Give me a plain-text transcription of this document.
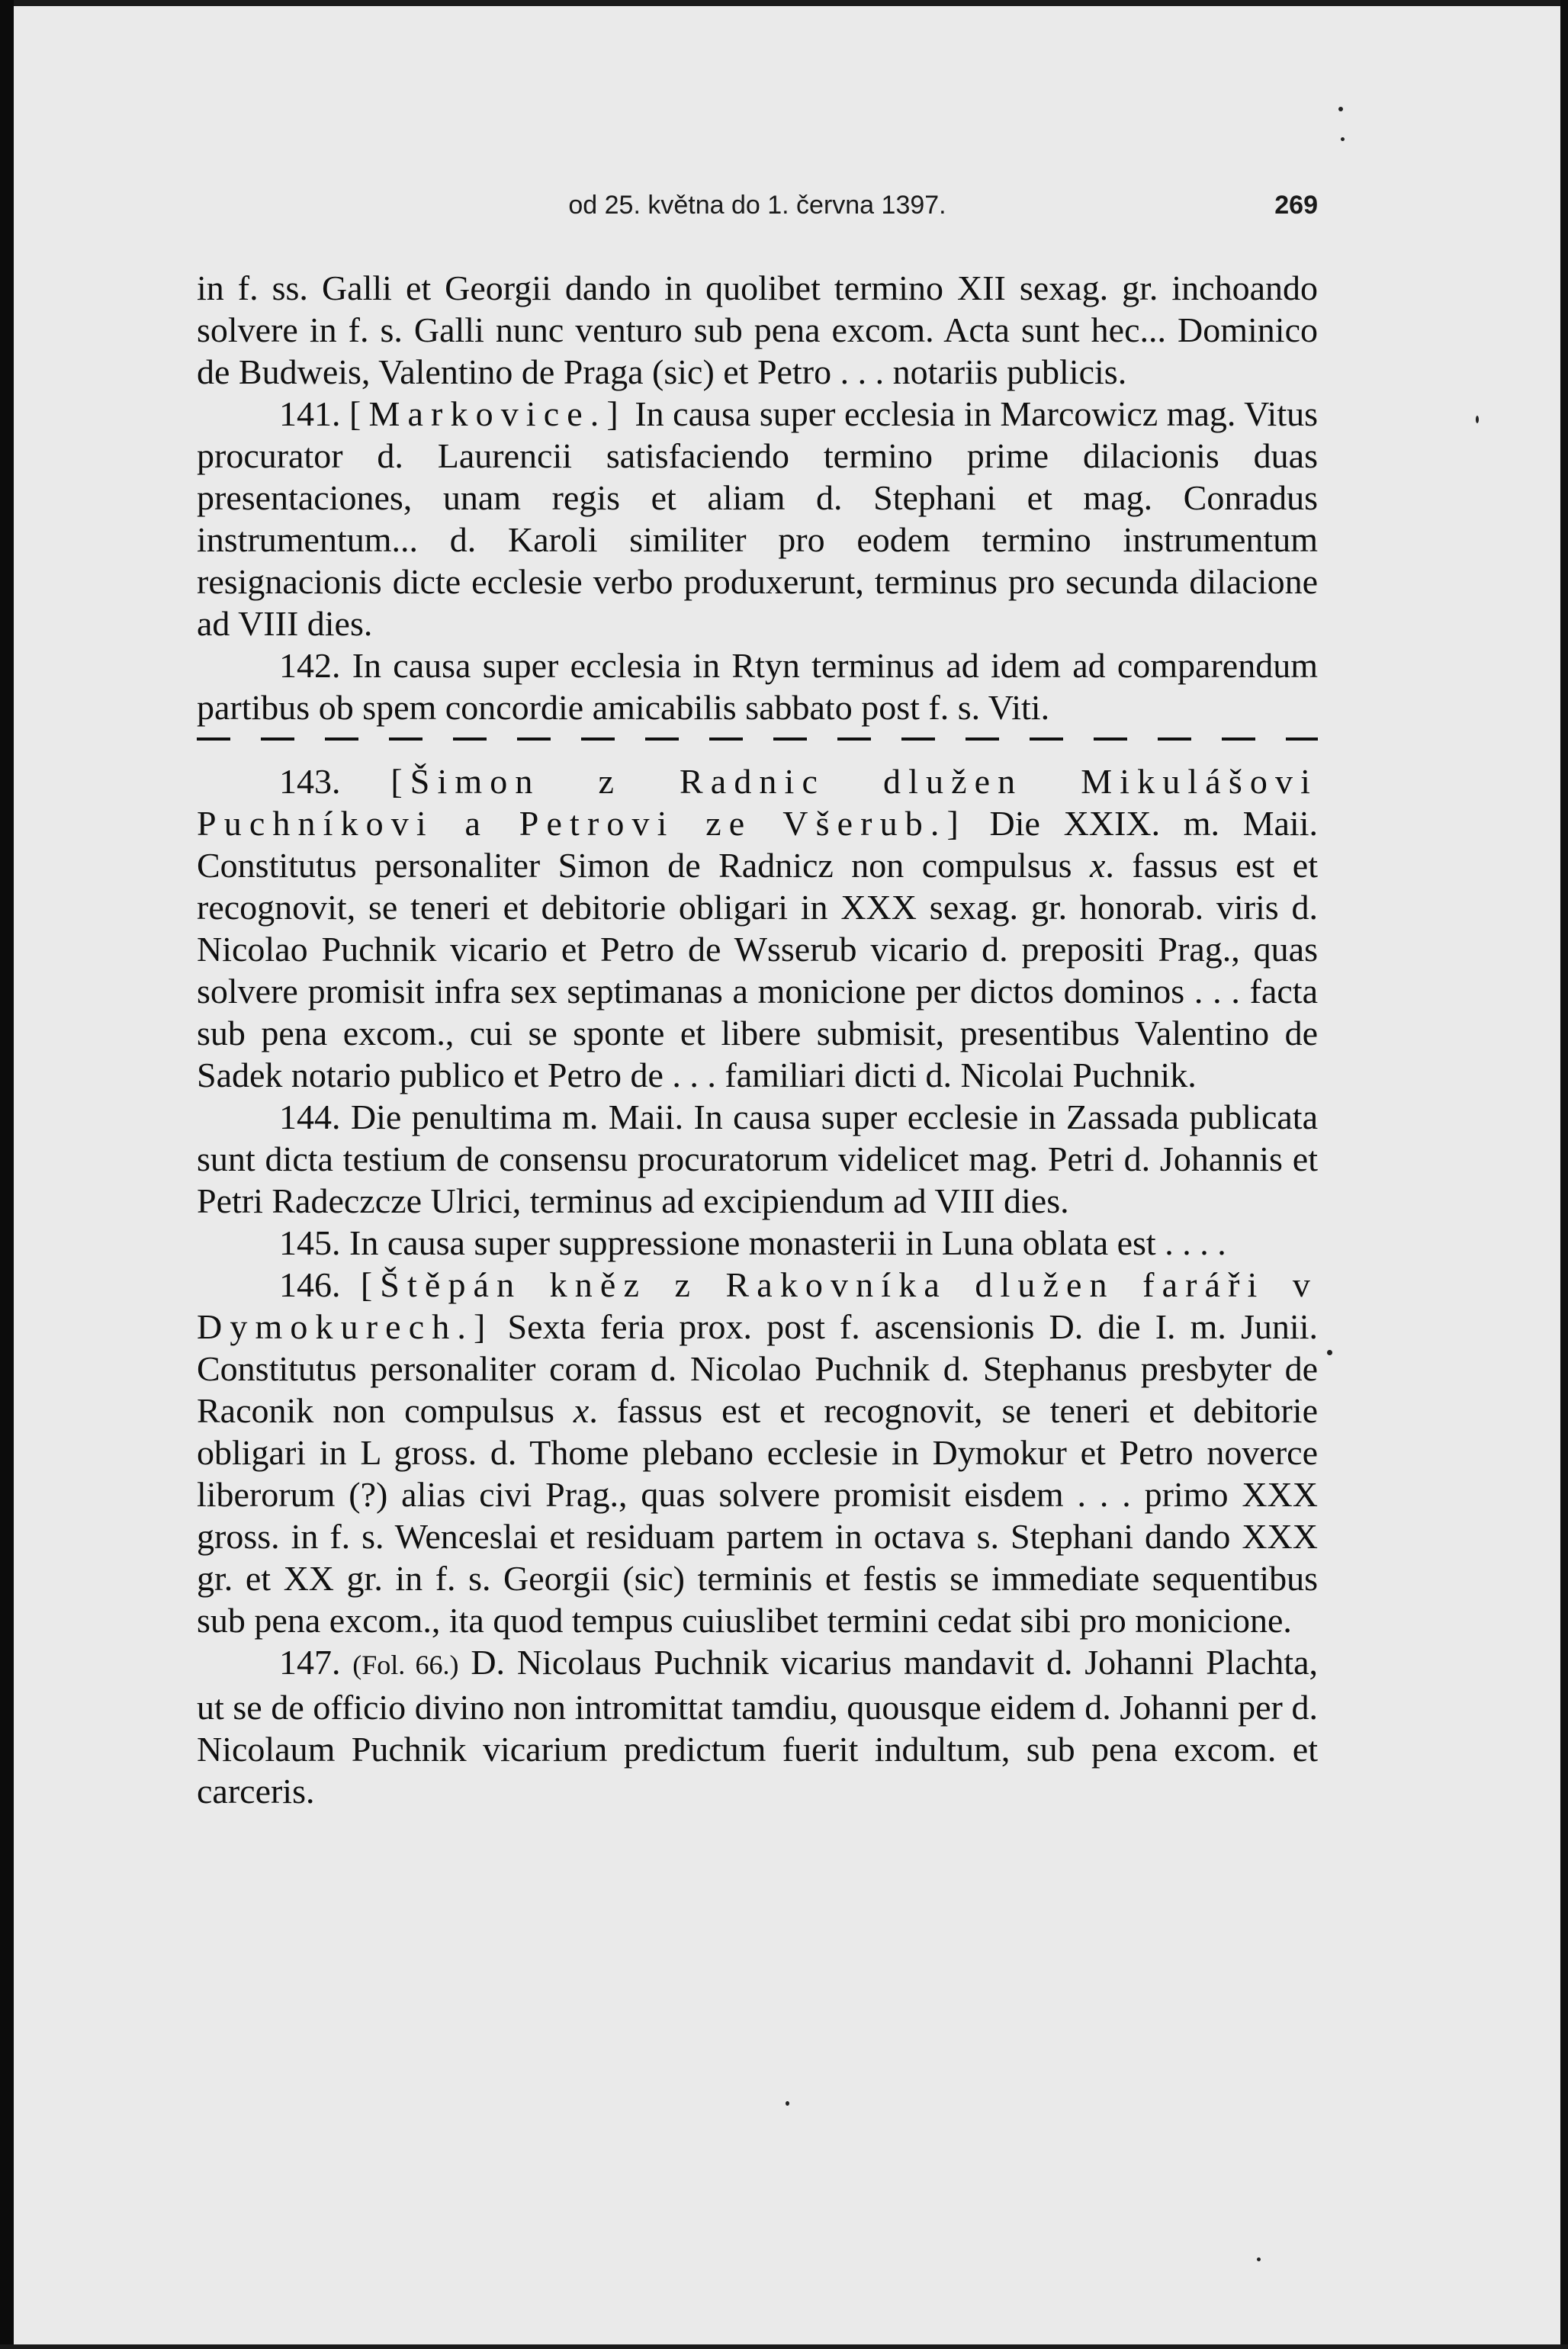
od 25. května do 1. června 1397.	269

in f. ss. Galli et Georgii dando in quolibet termino XII sexag. gr. inchoando solvere in f. s. Galli nunc venturo sub pena excom. Acta sunt hec... Dominico de Budweis, Valentino de Praga (sic) et Petro . . . notariis publicis.

141. [Markovice.] In causa super ecclesia in Marcowicz mag. Vitus procurator d. Laurencii satisfaciendo termino prime dilacionis duas presentaciones, unam regis et aliam d. Stephani et mag. Conradus instrumentum... d. Karoli similiter pro eodem termino instrumentum resignacionis dicte ecclesie verbo produxerunt, terminus pro secunda dilacione ad VIII dies.

142. In causa super ecclesia in Rtyn terminus ad idem ad comparendum partibus ob spem concordie amicabilis sabbato post f. s. Viti.

143. [Šimon z Radnic dlužen Mikulášovi Puchníkovi a Petrovi ze Všerub.] Die XXIX. m. Maii. Constitutus personaliter Simon de Radnicz non compulsus x. fassus est et recognovit, se teneri et debitorie obligari in XXX sexag. gr. honorab. viris d. Nicolao Puchnik vicario et Petro de Wsserub vicario d. prepositi Prag., quas solvere promisit infra sex septimanas a monicione per dictos dominos . . . facta sub pena excom., cui se sponte et libere submisit, presentibus Valentino de Sadek notario publico et Petro de . . . familiari dicti d. Nicolai Puchnik.

144. Die penultima m. Maii. In causa super ecclesie in Zassada publicata sunt dicta testium de consensu procuratorum videlicet mag. Petri d. Johannis et Petri Radeczcze Ulrici, terminus ad excipiendum ad VIII dies.

145. In causa super suppressione monasterii in Luna oblata est . . . .

146. [Štěpán kněz z Rakovníka dlužen faráři v Dymokurech.] Sexta feria prox. post f. ascensionis D. die I. m. Junii. Constitutus personaliter coram d. Nicolao Puchnik d. Stephanus presbyter de Raconik non compulsus x. fassus est et recognovit, se teneri et debitorie obligari in L gross. d. Thome plebano ecclesie in Dymokur et Petro noverce liberorum (?) alias civi Prag., quas solvere promisit eisdem . . . primo XXX gross. in f. s. Wenceslai et residuam partem in octava s. Stephani dando XXX gr. et XX gr. in f. s. Georgii (sic) terminis et festis se immediate sequentibus sub pena excom., ita quod tempus cuiuslibet termini cedat sibi pro monicione.

147. (Fol. 66.) D. Nicolaus Puchnik vicarius mandavit d. Johanni Plachta, ut se de officio divino non intromittat tamdiu, quousque eidem d. Johanni per d. Nicolaum Puchnik vicarium predictum fuerit indultum, sub pena excom. et carceris.
